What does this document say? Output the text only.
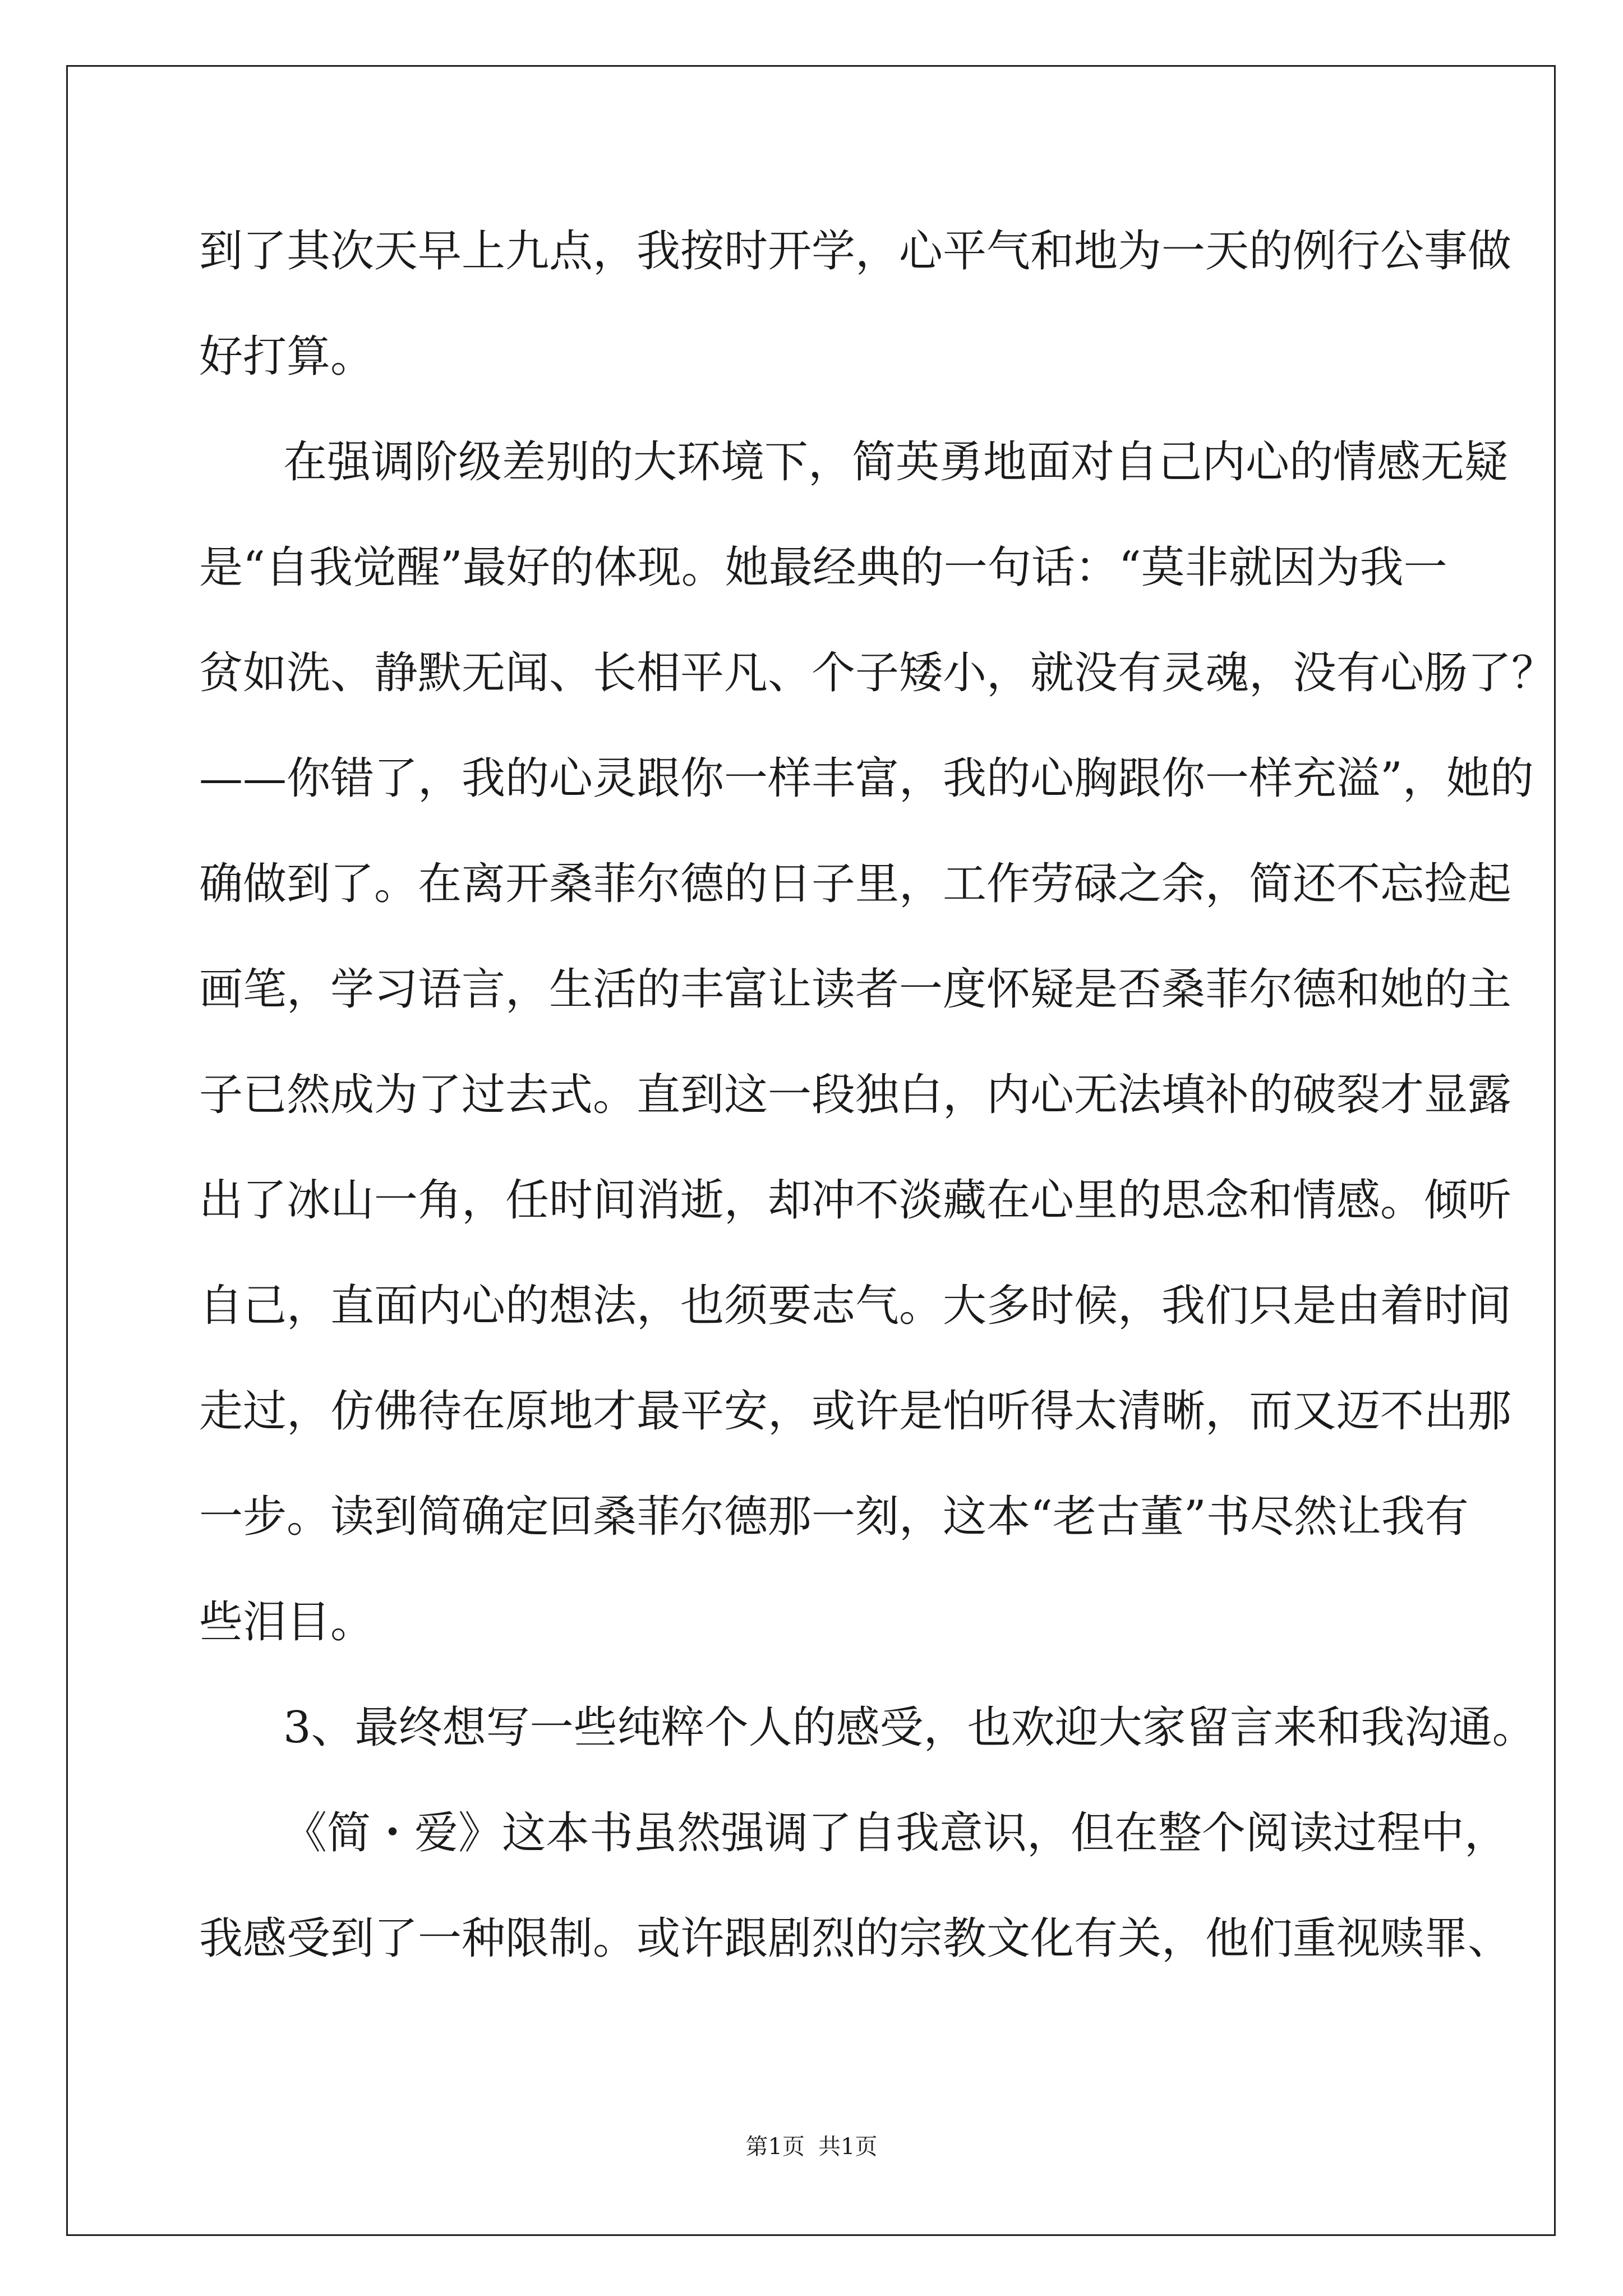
到了其次天早上九点，我按时开学，心平气和地为一天的例行公事做
好打算。
在强调阶级差别的大环境下，简英勇地面对自己内心的情感无疑
是“自我觉醒”最好的体现。她最经典的一句话：“莫非就因为我一
贫如洗、静默无闻、长相平凡、个子矮小，就没有灵魂，没有心肠了？
——你错了，我的心灵跟你一样丰富，我的心胸跟你一样充溢”，她的
确做到了。在离开桑菲尔德的日子里，工作劳碌之余，简还不忘捡起
画笔，学习语言，生活的丰富让读者一度怀疑是否桑菲尔德和她的主
子已然成为了过去式。直到这一段独白，内心无法填补的破裂才显露
出了冰山一角，任时间消逝，却冲不淡藏在心里的思念和情感。倾听
自己，直面内心的想法，也须要志气。大多时候，我们只是由着时间
走过，仿佛待在原地才最平安，或许是怕听得太清晰，而又迈不出那
一步。读到简确定回桑菲尔德那一刻，这本“老古董”书尽然让我有
些泪目。
3、最终想写一些纯粹个人的感受，也欢迎大家留言来和我沟通。
《简・爱》这本书虽然强调了自我意识，但在整个阅读过程中，
我感受到了一种限制。或许跟剧烈的宗教文化有关，他们重视赎罪、
第1页 共1页
